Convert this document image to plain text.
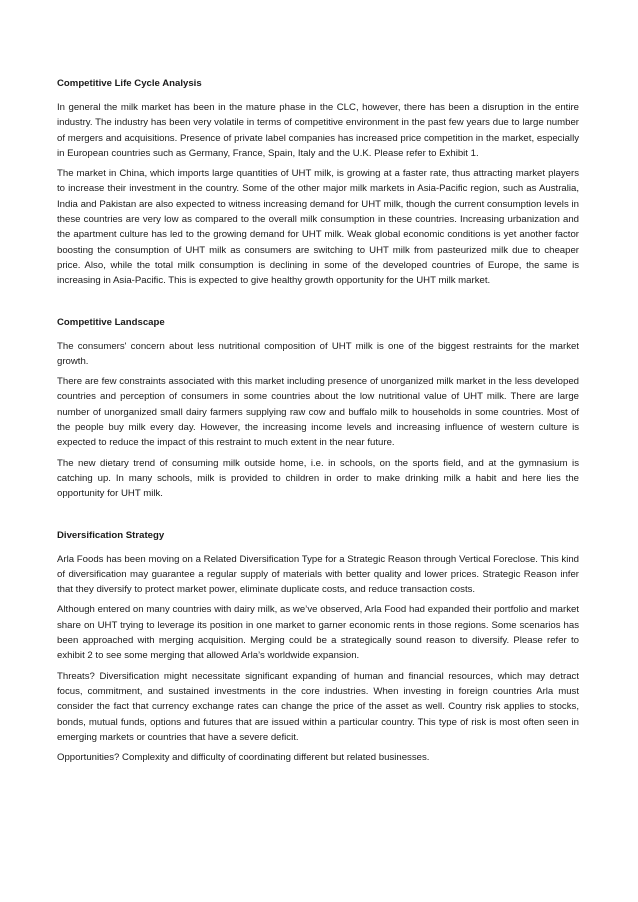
Competitive Life Cycle Analysis

In general the milk market has been in the mature phase in the CLC, however, there has been a disruption in the entire industry. The industry has been very volatile in terms of competitive environment in the past few years due to large number of mergers and acquisitions. Presence of private label companies has increased price competition in the market, especially in European countries such as Germany, France, Spain, Italy and the U.K. Please refer to Exhibit 1.

The market in China, which imports large quantities of UHT milk, is growing at a faster rate, thus attracting market players to increase their investment in the country. Some of the other major milk markets in Asia-Pacific region, such as Australia, India and Pakistan are also expected to witness increasing demand for UHT milk, though the current consumption levels in these countries are very low as compared to the overall milk consumption in these countries. Increasing urbanization and the apartment culture has led to the growing demand for UHT milk. Weak global economic conditions is yet another factor boosting the consumption of UHT milk as consumers are switching to UHT milk from pasteurized milk due to cheaper price. Also, while the total milk consumption is declining in some of the developed countries of Europe, the same is increasing in Asia-Pacific. This is expected to give healthy growth opportunity for the UHT milk market.

Competitive Landscape

The consumers' concern about less nutritional composition of UHT milk is one of the biggest restraints for the market growth.

There are few constraints associated with this market including presence of unorganized milk market in the less developed countries and perception of consumers in some countries about the low nutritional value of UHT milk. There are large number of unorganized small dairy farmers supplying raw cow and buffalo milk to households in some countries. Most of the people buy milk every day. However, the increasing income levels and increasing influence of western culture is expected to reduce the impact of this restraint to much extent in the near future.

The new dietary trend of consuming milk outside home, i.e. in schools, on the sports field, and at the gymnasium is catching up. In many schools, milk is provided to children in order to make drinking milk a habit and here lies the opportunity for UHT milk.

Diversification Strategy

Arla Foods has been moving on a Related Diversification Type for a Strategic Reason through Vertical Foreclose. This kind of diversification may guarantee a regular supply of materials with better quality and lower prices. Strategic Reason infer that they diversify to protect market power, eliminate duplicate costs, and reduce transaction costs.

Although entered on many countries with dairy milk, as we’ve observed, Arla Food had expanded their portfolio and market share on UHT trying to leverage its position in one market to garner economic rents in those regions. Some scenarios has been approached with merging acquisition. Merging could be a strategically sound reason to diversify. Please refer to exhibit 2 to see some merging that allowed Arla’s worldwide expansion.

Threats? Diversification might necessitate significant expanding of human and financial resources, which may detract focus, commitment, and sustained investments in the core industries. When investing in foreign countries Arla must consider the fact that currency exchange rates can change the price of the asset as well. Country risk applies to stocks, bonds, mutual funds, options and futures that are issued within a particular country. This type of risk is most often seen in emerging markets or countries that have a severe deficit.

Opportunities? Complexity and difficulty of coordinating different but related businesses.
